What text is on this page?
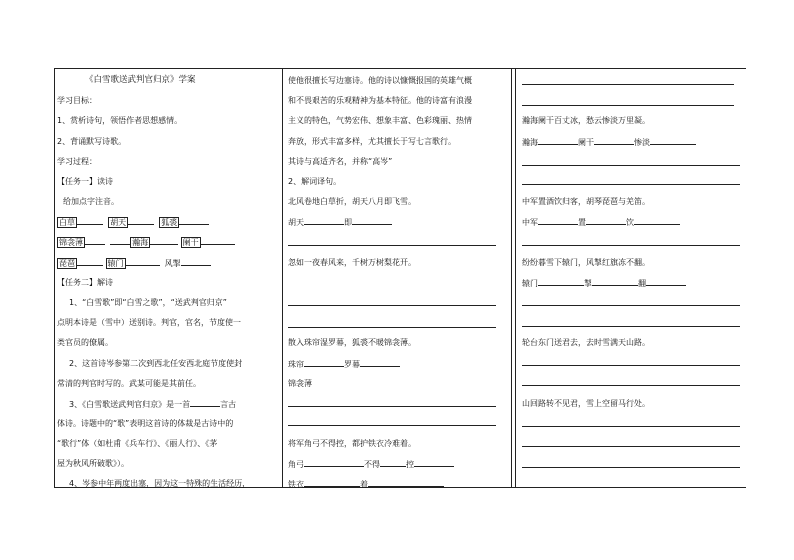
《白雪歌送武判官归京》学案
学习目标：
1、赏析诗句，领悟作者思想感情。
2、背诵默写诗歌。
学习过程：
【任务一】读诗
给加点字注音。
白草	胡天	狐裘
锦衾薄	瀚海	阑干
琵琶	辕门	风掣
【任务二】解诗
1、“白雪歌”即“白雪之歌”，“送武判官归京”
点明本诗是（雪中）送别诗。判官，官名，节度使一
类官员的僚属。
2、这首诗岑参第二次到西北任安西北庭节度使封
常清的判官时写的。武某可能是其前任。
3、《白雪歌送武判官归京》是一首	言古
体诗。诗题中的“歌”表明这首诗的体裁是古诗中的
“歌行”体（如杜甫《兵车行》、《丽人行》、《茅
屋为秋风所破歌》）。
4、岑参中年两度出塞，因为这一特殊的生活经历，
使他很擅长写边塞诗。他的诗以慷慨报国的英雄气概
和不畏艰苦的乐观精神为基本特征。他的诗富有浪漫
主义的特色，气势宏伟、想象丰富、色彩瑰丽、热情
奔放，形式丰富多样，尤其擅长于写七言歌行。
其诗与高适齐名，并称“高岑”
2、解词译句。
北风卷地白草折，胡天八月即飞雪。
胡天	即
忽如一夜春风来，千树万树梨花开。
散入珠帘湿罗幕，狐裘不暖锦衾薄。
珠帘	罗幕
锦衾薄
将军角弓不得控，都护铁衣冷难着。
角弓	不得	控
铁衣	着
瀚海阑干百丈冰，愁云惨淡万里凝。
瀚海	阑干	惨淡
中军置酒饮归客，胡琴琵琶与羌笛。
中军	置	饮
纷纷暮雪下辕门，风掣红旗冻不翻。
辕门	掣	翻
轮台东门送君去，去时雪满天山路。
山回路转不见君，雪上空留马行处。
